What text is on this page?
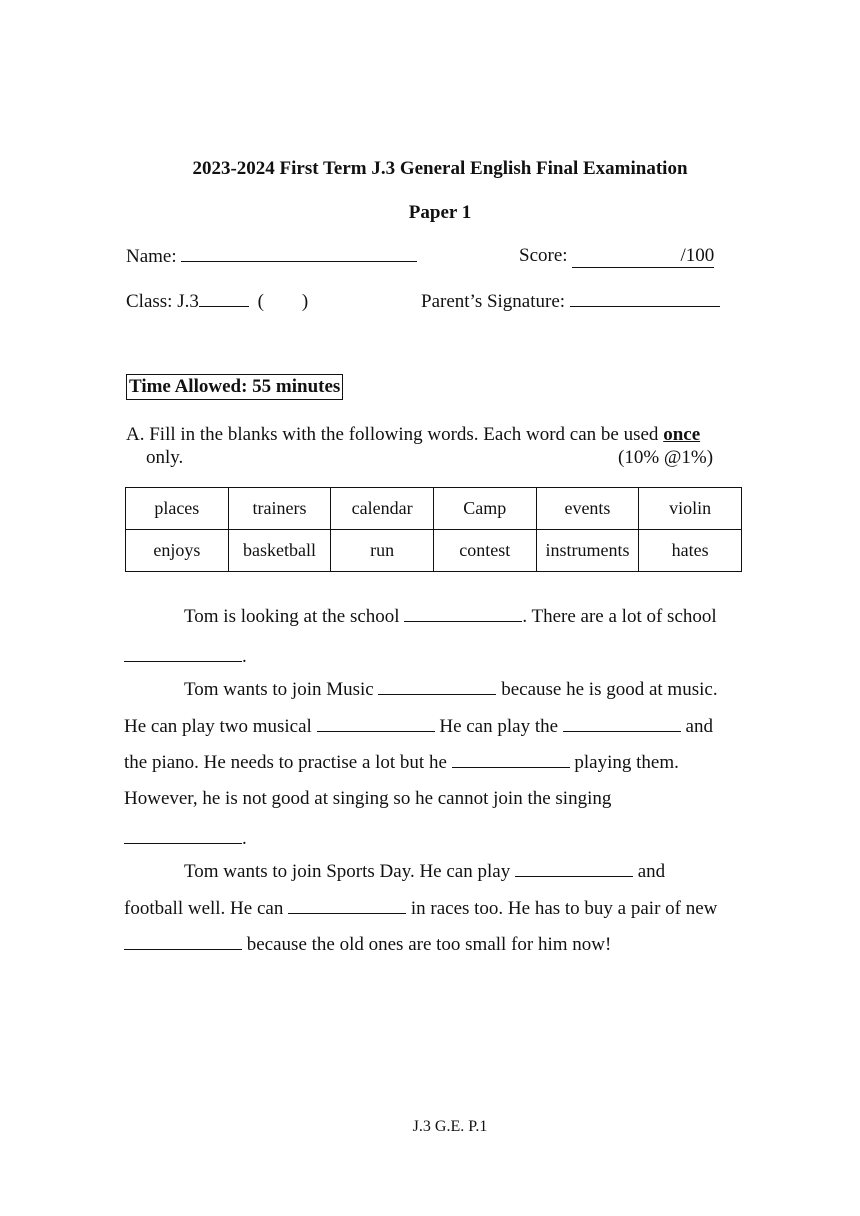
2023-2024 First Term J.3 General English Final Examination
Paper 1
Name:	Score:	/100
Class: J.3	(        )	Parent’s Signature:
Time Allowed: 55 minutes
A. Fill in the blanks with the following words. Each word can be used once
only.	(10% @1%)
places	trainers	calendar	Camp	events	violin
enjoys	basketball	run	contest	instruments	hates
Tom is looking at the school	. There are a lot of school
.
Tom wants to join Music	because he is good at music.
He can play two musical	He can play the	and
the piano. He needs to practise a lot but he	playing them.
However, he is not good at singing so he cannot join the singing
.
Tom wants to join Sports Day. He can play	and
football well. He can	in races too. He has to buy a pair of new
because the old ones are too small for him now!
J.3 G.E. P.1
